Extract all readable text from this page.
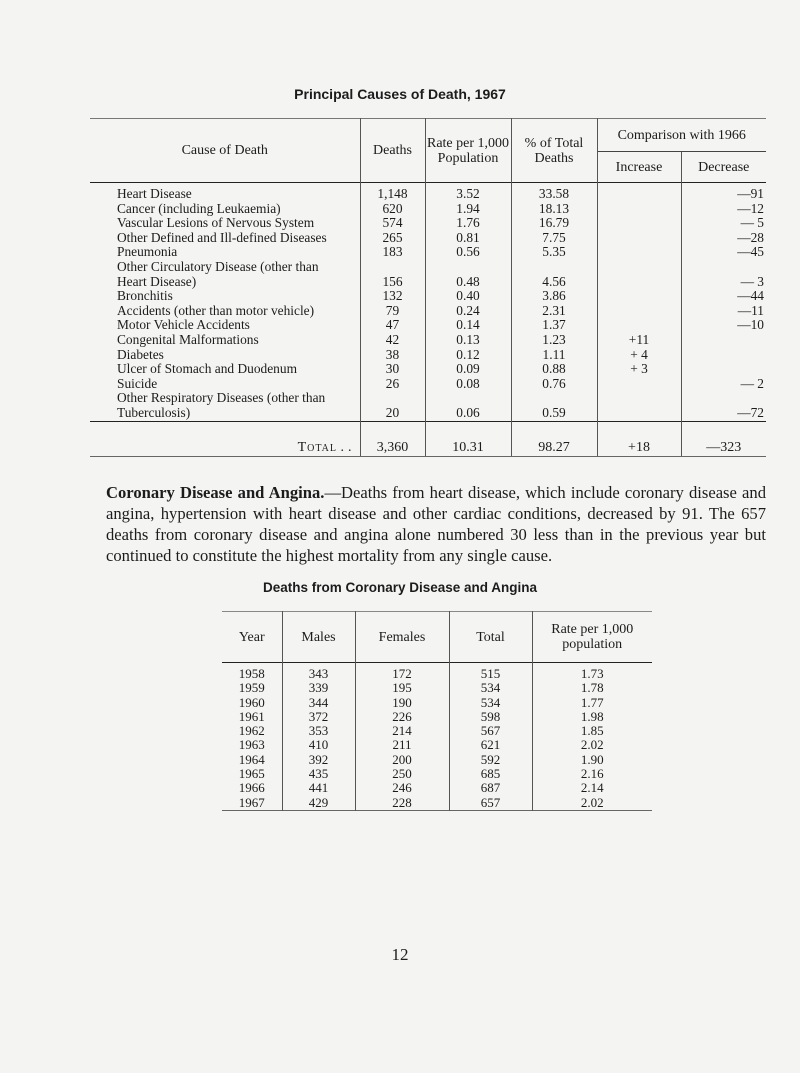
Principal Causes of Death, 1967
Cause of Death	Deaths	Rate per 1,000 Population	% of Total Deaths	Comparison with 1966	
				Increase	Decrease
Heart Disease	1,148	3.52	33.58		—91
Cancer (including Leukaemia)	620	1.94	18.13		—12
Vascular Lesions of Nervous System	574	1.76	16.79		— 5
Other Defined and Ill-defined Diseases	265	0.81	7.75		—28
Pneumonia	183	0.56	5.35		—45
Other Circulatory Disease (other than					
Heart Disease)	156	0.48	4.56		— 3
Bronchitis	132	0.40	3.86		—44
Accidents (other than motor vehicle)	79	0.24	2.31		—11
Motor Vehicle Accidents	47	0.14	1.37		—10
Congenital Malformations	42	0.13	1.23	+11	
Diabetes	38	0.12	1.11	+ 4	
Ulcer of Stomach and Duodenum	30	0.09	0.88	+ 3	
Suicide	26	0.08	0.76		— 2
Other Respiratory Diseases (other than					
Tuberculosis)	20	0.06	0.59		—72
Total ..	3,360	10.31	98.27	+18	—323
Coronary Disease and Angina.—Deaths from heart disease, which include coronary disease and angina, hypertension with heart disease and other cardiac conditions, decreased by 91. The 657 deaths from coronary disease and angina alone numbered 30 less than in the previous year but continued to constitute the highest mortality from any single cause.
Deaths from Coronary Disease and Angina
Year	Males	Females	Total	Rate per 1,000 population
1958	343	172	515	1.73
1959	339	195	534	1.78
1960	344	190	534	1.77
1961	372	226	598	1.98
1962	353	214	567	1.85
1963	410	211	621	2.02
1964	392	200	592	1.90
1965	435	250	685	2.16
1966	441	246	687	2.14
1967	429	228	657	2.02
12
